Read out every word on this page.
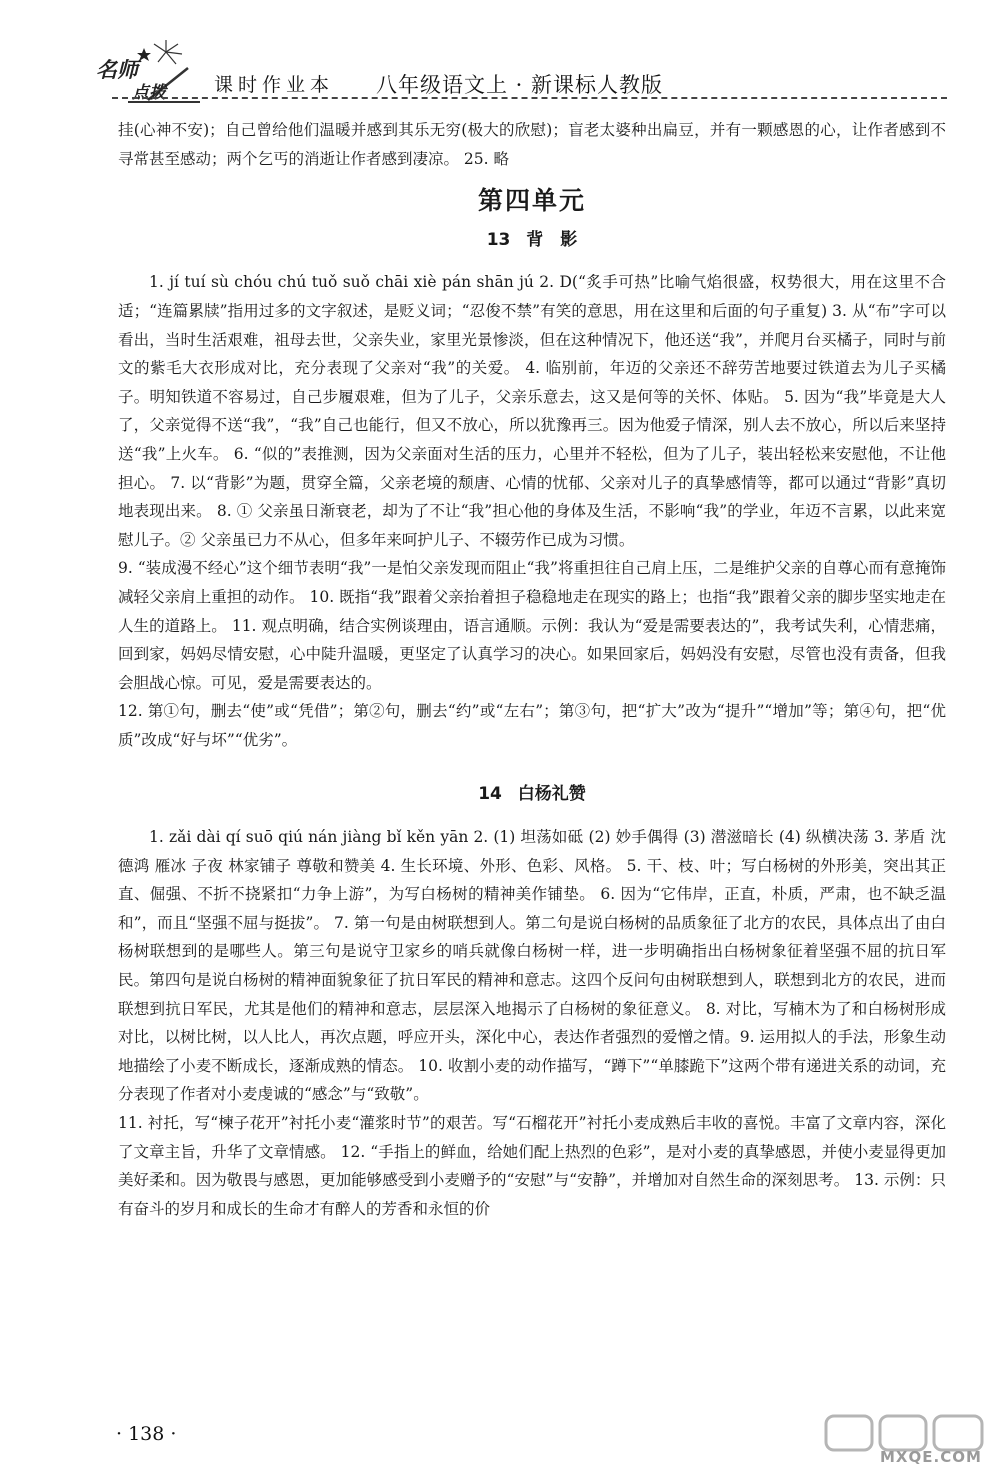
名师
点拨	课时作业本 八年级语文上 · 新课标人教版

挂(心神不安)；自己曾给他们温暖并感到其乐无穷(极大的欣慰)；盲老太婆种出扁豆，并有一颗感恩的心，让作者感到不寻常甚至感动；两个乞丐的消逝让作者感到凄凉。 25. 略

第四单元
13 背　影

1. jí tuí sù chóu chú tuǒ suǒ chāi xiè pán shān jú 2. D(“炙手可热”比喻气焰很盛，权势很大，用在这里不合适；“连篇累牍”指用过多的文字叙述，是贬义词；“忍俊不禁”有笑的意思，用在这里和后面的句子重复) 3. 从“布”字可以看出，当时生活艰难，祖母去世，父亲失业，家里光景惨淡，但在这种情况下，他还送“我”，并爬月台买橘子，同时与前文的紫毛大衣形成对比，充分表现了父亲对“我”的关爱。 4. 临别前，年迈的父亲还不辞劳苦地要过铁道去为儿子买橘子。明知铁道不容易过，自己步履艰难，但为了儿子，父亲乐意去，这又是何等的关怀、体贴。 5. 因为“我”毕竟是大人了，父亲觉得不送“我”，“我”自己也能行，但又不放心，所以犹豫再三。因为他爱子情深，别人去不放心，所以后来坚持送“我”上火车。 6. “似的”表推测，因为父亲面对生活的压力，心里并不轻松，但为了儿子，装出轻松来安慰他，不让他担心。 7. 以“背影”为题，贯穿全篇，父亲老境的颓唐、心情的忧郁、父亲对儿子的真挚感情等，都可以通过“背影”真切地表现出来。 8. ① 父亲虽日渐衰老，却为了不让“我”担心他的身体及生活，不影响“我”的学业，年迈不言累，以此来宽慰儿子。② 父亲虽已力不从心，但多年来呵护儿子、不辍劳作已成为习惯。

9. “装成漫不经心”这个细节表明“我”一是怕父亲发现而阻止“我”将重担往自己肩上压，二是维护父亲的自尊心而有意掩饰减轻父亲肩上重担的动作。 10. 既指“我”跟着父亲抬着担子稳稳地走在现实的路上；也指“我”跟着父亲的脚步坚实地走在人生的道路上。 11. 观点明确，结合实例谈理由，语言通顺。示例：我认为“爱是需要表达的”，我考试失利，心情悲痛，回到家，妈妈尽情安慰，心中陡升温暖，更坚定了认真学习的决心。如果回家后，妈妈没有安慰，尽管也没有责备，但我会胆战心惊。可见，爱是需要表达的。

12. 第①句，删去“使”或“凭借”；第②句，删去“约”或“左右”；第③句，把“扩大”改为“提升”“增加”等；第④句，把“优质”改成“好与坏”“优劣”。

14 白杨礼赞

1. zǎi dài qí suō qiú nán jiàng bǐ kěn yān 2. (1) 坦荡如砥 (2) 妙手偶得 (3) 潜滋暗长 (4) 纵横决荡 3. 茅盾 沈德鸿 雁冰 子夜 林家铺子 尊敬和赞美 4. 生长环境、外形、色彩、风格。 5. 干、枝、叶；写白杨树的外形美，突出其正直、倔强、不折不挠紧扣“力争上游”，为写白杨树的精神美作铺垫。 6. 因为“它伟岸，正直，朴质，严肃，也不缺乏温和”，而且“坚强不屈与挺拔”。 7. 第一句是由树联想到人。第二句是说白杨树的品质象征了北方的农民，具体点出了由白杨树联想到的是哪些人。第三句是说守卫家乡的哨兵就像白杨树一样，进一步明确指出白杨树象征着坚强不屈的抗日军民。第四句是说白杨树的精神面貌象征了抗日军民的精神和意志。这四个反问句由树联想到人，联想到北方的农民，进而联想到抗日军民，尤其是他们的精神和意志，层层深入地揭示了白杨树的象征意义。 8. 对比，写楠木为了和白杨树形成对比，以树比树，以人比人，再次点题，呼应开头，深化中心，表达作者强烈的爱憎之情。9. 运用拟人的手法，形象生动地描绘了小麦不断成长，逐渐成熟的情态。 10. 收割小麦的动作描写，“蹲下”“单膝跪下”这两个带有递进关系的动词，充分表现了作者对小麦虔诚的“感念”与“致敬”。

11. 衬托，写“楝子花开”衬托小麦“灌浆时节”的艰苦。写“石榴花开”衬托小麦成熟后丰收的喜悦。丰富了文章内容，深化了文章主旨，升华了文章情感。 12. “手指上的鲜血，给她们配上热烈的色彩”，是对小麦的真挚感恩，并使小麦显得更加美好柔和。因为敬畏与感恩，更加能够感受到小麦赠予的“安慰”与“安静”，并增加对自然生命的深刻思考。 13. 示例：只有奋斗的岁月和成长的生命才有醉人的芳香和永恒的价

· 138 ·
MXQE.COM
